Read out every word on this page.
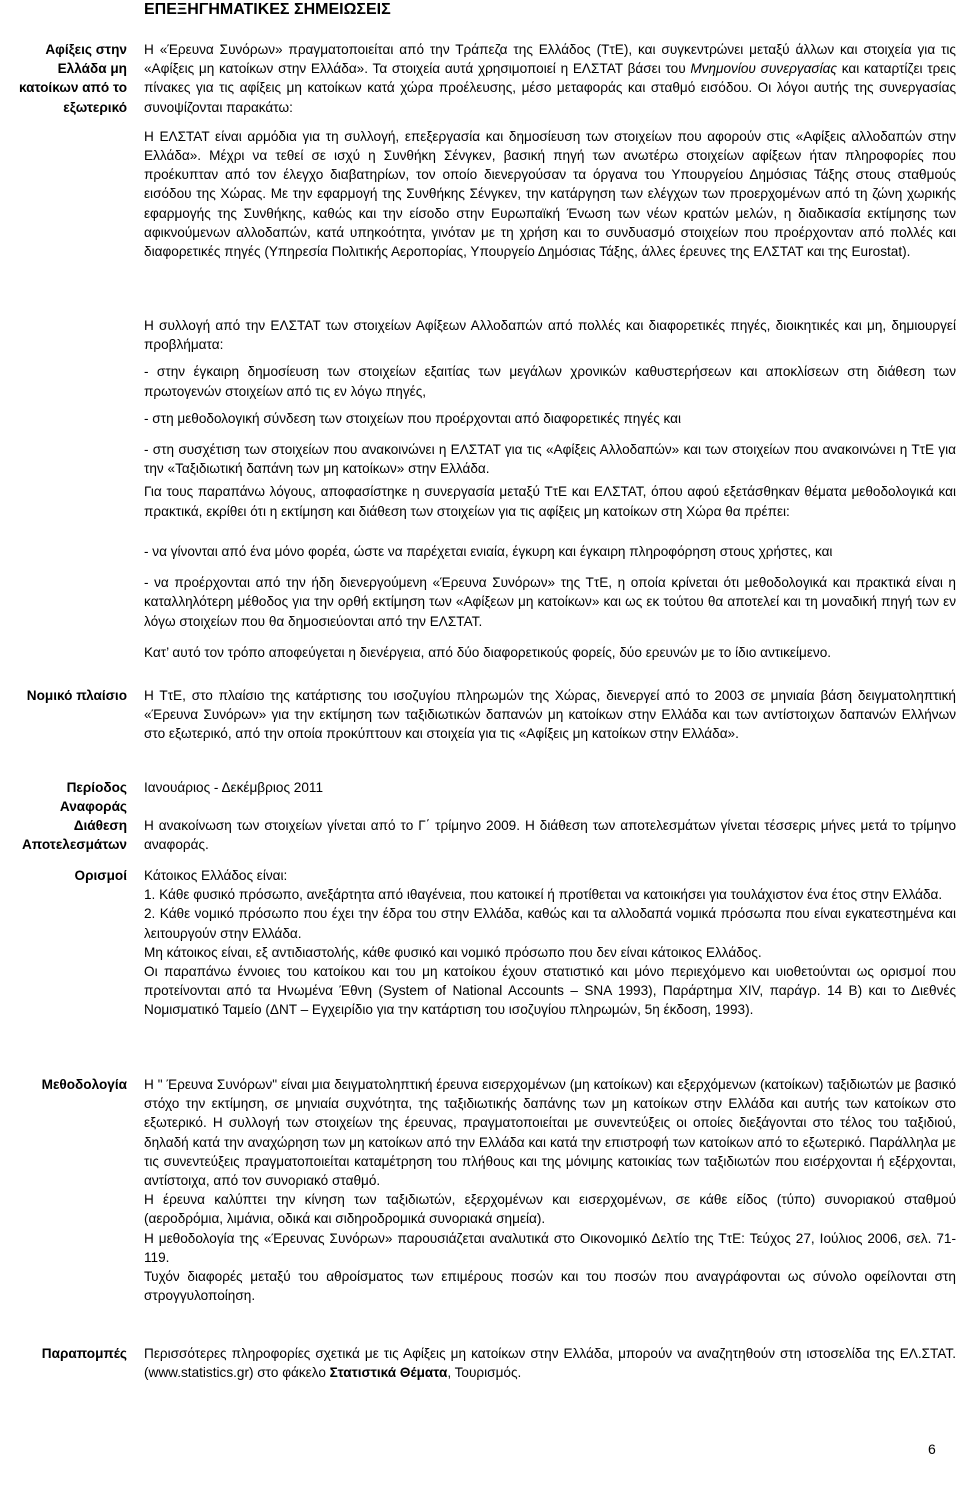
ΕΠΕΞΗΓΗΜΑΤΙΚΕΣ ΣΗΜΕΙΩΣΕΙΣ
Αφίξεις στην
Ελλάδα μη
κατοίκων από το
εξωτερικό

Η «Έρευνα Συνόρων» πραγματοποιείται από την Τράπεζα της Ελλάδος (ΤτΕ), και συγκεντρώνει μεταξύ άλλων και στοιχεία για τις «Αφίξεις μη κατοίκων στην Ελλάδα». Τα στοιχεία αυτά χρησιμοποιεί η ΕΛΣΤΑΤ βάσει του Μνημονίου συνεργασίας και καταρτίζει τρεις πίνακες για τις αφίξεις μη κατοίκων κατά χώρα προέλευσης, μέσο μεταφοράς και σταθμό εισόδου. Οι λόγοι αυτής της συνεργασίας συνοψίζονται παρακάτω:

Η ΕΛΣΤΑΤ είναι αρμόδια για τη συλλογή, επεξεργασία και δημοσίευση των στοιχείων που αφορούν στις «Αφίξεις αλλοδαπών στην Ελλάδα». Μέχρι να τεθεί σε ισχύ η Συνθήκη Σένγκεν, βασική πηγή των ανωτέρω στοιχείων αφίξεων ήταν πληροφορίες που προέκυπταν από τον έλεγχο διαβατηρίων, τον οποίο διενεργούσαν τα όργανα του Υπουργείου Δημόσιας Τάξης στους σταθμούς εισόδου της Χώρας. Με την εφαρμογή της Συνθήκης Σένγκεν, την κατάργηση των ελέγχων των προερχομένων από τη ζώνη χωρικής εφαρμογής της Συνθήκης, καθώς και την είσοδο στην Ευρωπαϊκή Ένωση των νέων κρατών μελών, η διαδικασία εκτίμησης των αφικνούμενων αλλοδαπών, κατά υπηκοότητα, γινόταν με τη χρήση και το συνδυασμό στοιχείων που προέρχονταν από πολλές και διαφορετικές πηγές (Υπηρεσία Πολιτικής Αεροπορίας, Υπουργείο Δημόσιας Τάξης, άλλες έρευνες της ΕΛΣΤΑΤ και της Eurostat).

Η συλλογή από την ΕΛΣΤΑΤ των στοιχείων Αφίξεων Αλλοδαπών από πολλές και διαφορετικές πηγές, διοικητικές και μη, δημιουργεί προβλήματα:

- στην έγκαιρη δημοσίευση των στοιχείων εξαιτίας των μεγάλων χρονικών καθυστερήσεων και αποκλίσεων στη διάθεση των πρωτογενών στοιχείων από τις εν λόγω πηγές,

- στη μεθοδολογική σύνδεση των στοιχείων που προέρχονται από διαφορετικές πηγές και

- στη συσχέτιση των στοιχείων που ανακοινώνει η ΕΛΣΤΑΤ για τις «Αφίξεις Αλλοδαπών» και των στοιχείων που ανακοινώνει η ΤτΕ για την «Ταξιδιωτική δαπάνη των μη κατοίκων» στην Ελλάδα.

Για τους παραπάνω λόγους, αποφασίστηκε η συνεργασία μεταξύ ΤτΕ και ΕΛΣΤΑΤ, όπου αφού εξετάσθηκαν θέματα μεθοδολογικά και πρακτικά, εκρίθει ότι η εκτίμηση και διάθεση των στοιχείων για τις αφίξεις μη κατοίκων στη Χώρα θα πρέπει:

- να γίνονται από ένα μόνο φορέα, ώστε να παρέχεται ενιαία, έγκυρη και έγκαιρη πληροφόρηση στους χρήστες, και

- να προέρχονται από την ήδη διενεργούμενη «Έρευνα Συνόρων» της ΤτΕ, η οποία κρίνεται ότι μεθοδολογικά και πρακτικά είναι η καταλληλότερη μέθοδος για την ορθή εκτίμηση των «Αφίξεων μη κατοίκων» και ως εκ τούτου θα αποτελεί και τη μοναδική πηγή των εν λόγω στοιχείων που θα δημοσιεύονται από την ΕΛΣΤΑΤ.

Κατ’ αυτό τον τρόπο αποφεύγεται η διενέργεια, από δύο διαφορετικούς φορείς, δύο ερευνών με το ίδιο αντικείμενο.

Νομικό πλαίσιο Η ΤτΕ, στο πλαίσιο της κατάρτισης του ισοζυγίου πληρωμών της Χώρας, διενεργεί από το 2003 σε μηνιαία βάση δειγματοληπτική «Έρευνα Συνόρων» για την εκτίμηση των ταξιδιωτικών δαπανών μη κατοίκων στην Ελλάδα και των αντίστοιχων δαπανών Ελλήνων στο εξωτερικό, από την οποία προκύπτουν και στοιχεία για τις «Αφίξεις μη κατοίκων στην Ελλάδα».

Περίοδος
Αναφοράς

Ιανουάριος - Δεκέμβριος 2011

Διάθεση
Αποτελεσμάτων

Η ανακοίνωση των στοιχείων γίνεται από το Γ΄ τρίμηνο 2009. Η διάθεση των αποτελεσμάτων γίνεται τέσσερις μήνες μετά το τρίμηνο αναφοράς.

Ορισμοί Κάτοικος Ελλάδος είναι:

1. Κάθε φυσικό πρόσωπο, ανεξάρτητα από ιθαγένεια, που κατοικεί ή προτίθεται να κατοικήσει για τουλάχιστον ένα έτος στην Ελλάδα.

2. Κάθε νομικό πρόσωπο που έχει την έδρα του στην Ελλάδα, καθώς και τα αλλοδαπά νομικά πρόσωπα που είναι εγκατεστημένα και λειτουργούν στην Ελλάδα.

Μη κάτοικος είναι, εξ αντιδιαστολής, κάθε φυσικό και νομικό πρόσωπο που δεν είναι κάτοικος Ελλάδος.

Οι παραπάνω έννοιες του κατοίκου και του μη κατοίκου έχουν στατιστικό και μόνο περιεχόμενο και υιοθετούνται ως ορισμοί που προτείνονται από τα Ηνωμένα Έθνη (System of National Accounts – SNA 1993), Παράρτημα XIV, παράγρ. 14 Β) και το Διεθνές Νομισματικό Ταμείο (ΔΝΤ – Εγχειρίδιο για την κατάρτιση του ισοζυγίου πληρωμών, 5η έκδοση, 1993).

Μεθοδολογία Η " Έρευνα Συνόρων" είναι μια δειγματοληπτική έρευνα εισερχομένων (μη κατοίκων) και εξερχόμενων (κατοίκων) ταξιδιωτών με βασικό στόχο την εκτίμηση, σε μηνιαία συχνότητα, της ταξιδιωτικής δαπάνης των μη κατοίκων στην Ελλάδα και αυτής των κατοίκων στο εξωτερικό. Η συλλογή των στοιχείων της έρευνας, πραγματοποιείται με συνεντεύξεις οι οποίες διεξάγονται στο τέλος του ταξιδιού, δηλαδή κατά την αναχώρηση των μη κατοίκων από την Ελλάδα και κατά την επιστροφή των κατοίκων από το εξωτερικό. Παράλληλα με τις συνεντεύξεις πραγματοποιείται καταμέτρηση του πλήθους και της μόνιμης κατοικίας των ταξιδιωτών που εισέρχονται ή εξέρχονται, αντίστοιχα, από τον συνοριακό σταθμό.

Η έρευνα καλύπτει την κίνηση των ταξιδιωτών, εξερχομένων και εισερχομένων, σε κάθε είδος (τύπο) συνοριακού σταθμού (αεροδρόμια, λιμάνια, οδικά και σιδηροδρομικά συνοριακά σημεία).

Η μεθοδολογία της «Έρευνας Συνόρων» παρουσιάζεται αναλυτικά στο Οικονομικό Δελτίο της ΤτΕ: Τεύχος 27, Ιούλιος 2006, σελ. 71-119.

Τυχόν διαφορές μεταξύ του αθροίσματος των επιμέρους ποσών και του ποσών που αναγράφονται ως σύνολο οφείλονται στη στρογγυλοποίηση.

Παραπομπές Περισσότερες πληροφορίες σχετικά με τις Αφίξεις μη κατοίκων στην Ελλάδα, μπορούν να αναζητηθούν στη ιστοσελίδα της ΕΛ.ΣΤΑΤ. (www.statistics.gr) στο φάκελο Στατιστικά Θέματα, Τουρισμός.

6
